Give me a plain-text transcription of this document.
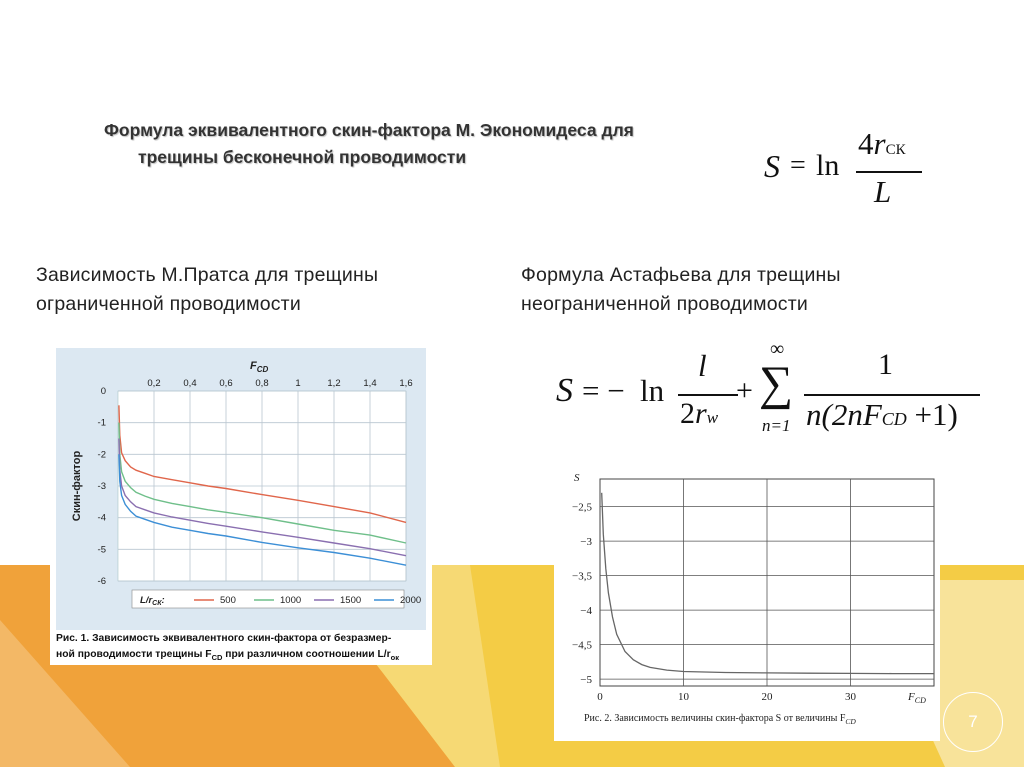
Формула эквивалентного скин-фактора М. Экономидеса для
трещины бесконечной проводимости	S = ln
4rСК
L
Зависимость М.Пратса для трещины
ограниченной проводимости
Формула Астафьева для трещины
неограниченной проводимости
S = − ln
l
2rw
+
∞
∑
n=1
1
n(2nFCD +1)
$F_{CD}$
Скин-фактор
0,2 0,4 0,6 0,8	1	1,2 1,4 1,6
0
-1
-2
-3
-4
-5
-6
$L/r_{СК}$:	500	1000	1500	2000
Рис. 1. Зависимость эквивалентного скин-фактора от безразмер-
ной проводимости трещины $F_{CD}$ при различном соотношении $L/r_{ок}$
0	10	20	30
−2,5
−3
−3,5
−4
−4,5
−5
S
$F_{CD}$
Рис. 2. Зависимость величины скин-фактора S от величины $F_{CD}$	7
